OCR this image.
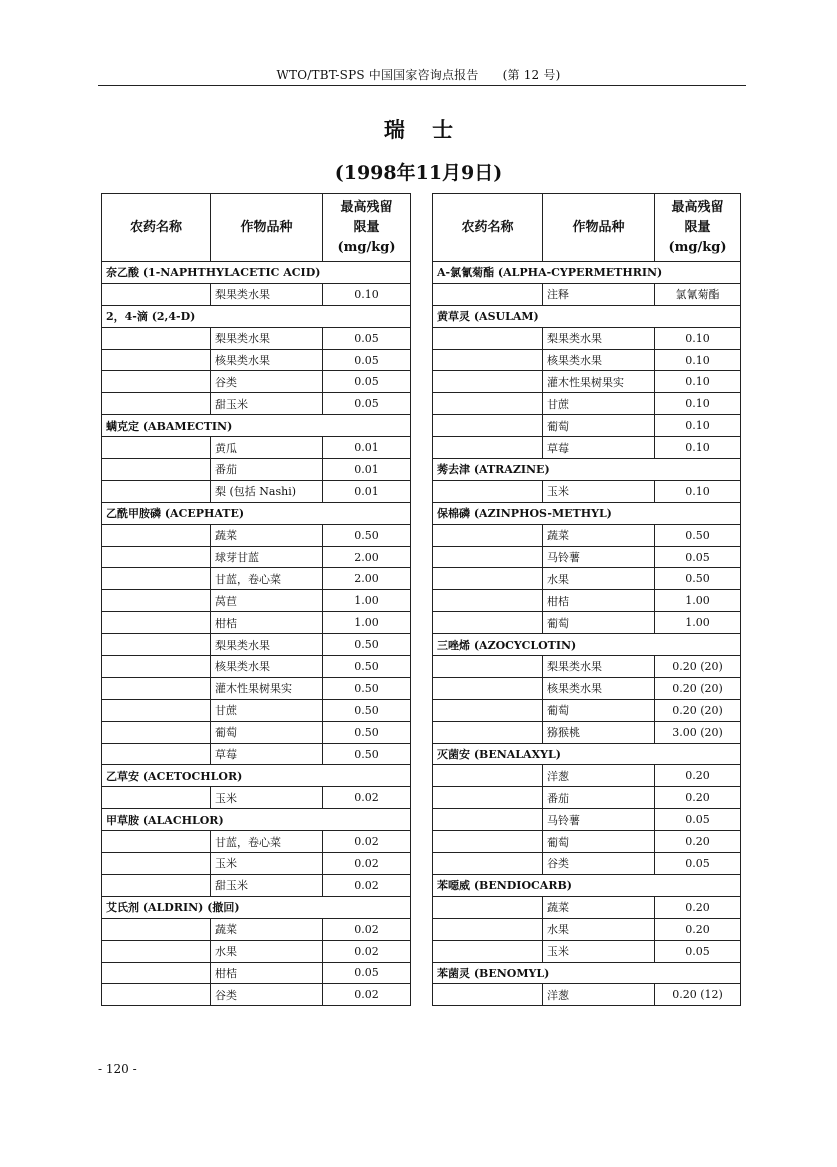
WTO/TBT-SPS 中国国家咨询点报告 (第 12 号)
瑞 士
(1998年11月9日)
农药名称	作物品种	最高残留
限量
(mg/kg)

奈乙酸 (1-NAPHTHYLACETIC ACID)		
	梨果类水果	0.10
2，4-滴 (2,4-D)		
	梨果类水果	0.05
	核果类水果	0.05
	谷类	0.05
	甜玉米	0.05
螨克定 (ABAMECTIN)		
	黄瓜	0.01
	番茄	0.01
	梨 (包括 Nashi)	0.01
乙酰甲胺磷 (ACEPHATE)		
	蔬菜	0.50
	球芽甘蓝	2.00
	甘蓝，卷心菜	2.00
	莴苣	1.00
	柑桔	1.00
	梨果类水果	0.50
	核果类水果	0.50
	灌木性果树果实	0.50
	甘蔗	0.50
	葡萄	0.50
	草莓	0.50
乙草安 (ACETOCHLOR)		
	玉米	0.02
甲草胺 (ALACHLOR)		
	甘蓝，卷心菜	0.02
	玉米	0.02
	甜玉米	0.02
艾氏剂 (ALDRIN) (撤回)		
	蔬菜	0.02
	水果	0.02
	柑桔	0.05
	谷类	0.02
农药名称	作物品种	最高残留
限量
(mg/kg)

A-氯氰菊酯 (ALPHA-CYPERMETHRIN)		
	注释	氯氰菊酯
黄草灵 (ASULAM)		
	梨果类水果	0.10
	核果类水果	0.10
	灌木性果树果实	0.10
	甘蔗	0.10
	葡萄	0.10
	草莓	0.10
莠去津 (ATRAZINE)		
	玉米	0.10
保棉磷 (AZINPHOS-METHYL)		
	蔬菜	0.50
	马铃薯	0.05
	水果	0.50
	柑桔	1.00
	葡萄	1.00
三唑烯 (AZOCYCLOTIN)		
	梨果类水果	0.20 (20)
	核果类水果	0.20 (20)
	葡萄	0.20 (20)
	猕猴桃	3.00 (20)
灭菌安 (BENALAXYL)		
	洋葱	0.20
	番茄	0.20
	马铃薯	0.05
	葡萄	0.20
	谷类	0.05
苯噁威 (BENDIOCARB)		
	蔬菜	0.20
	水果	0.20
	玉米	0.05
苯菌灵 (BENOMYL)		
	洋葱	0.20 (12)
- 120 -
